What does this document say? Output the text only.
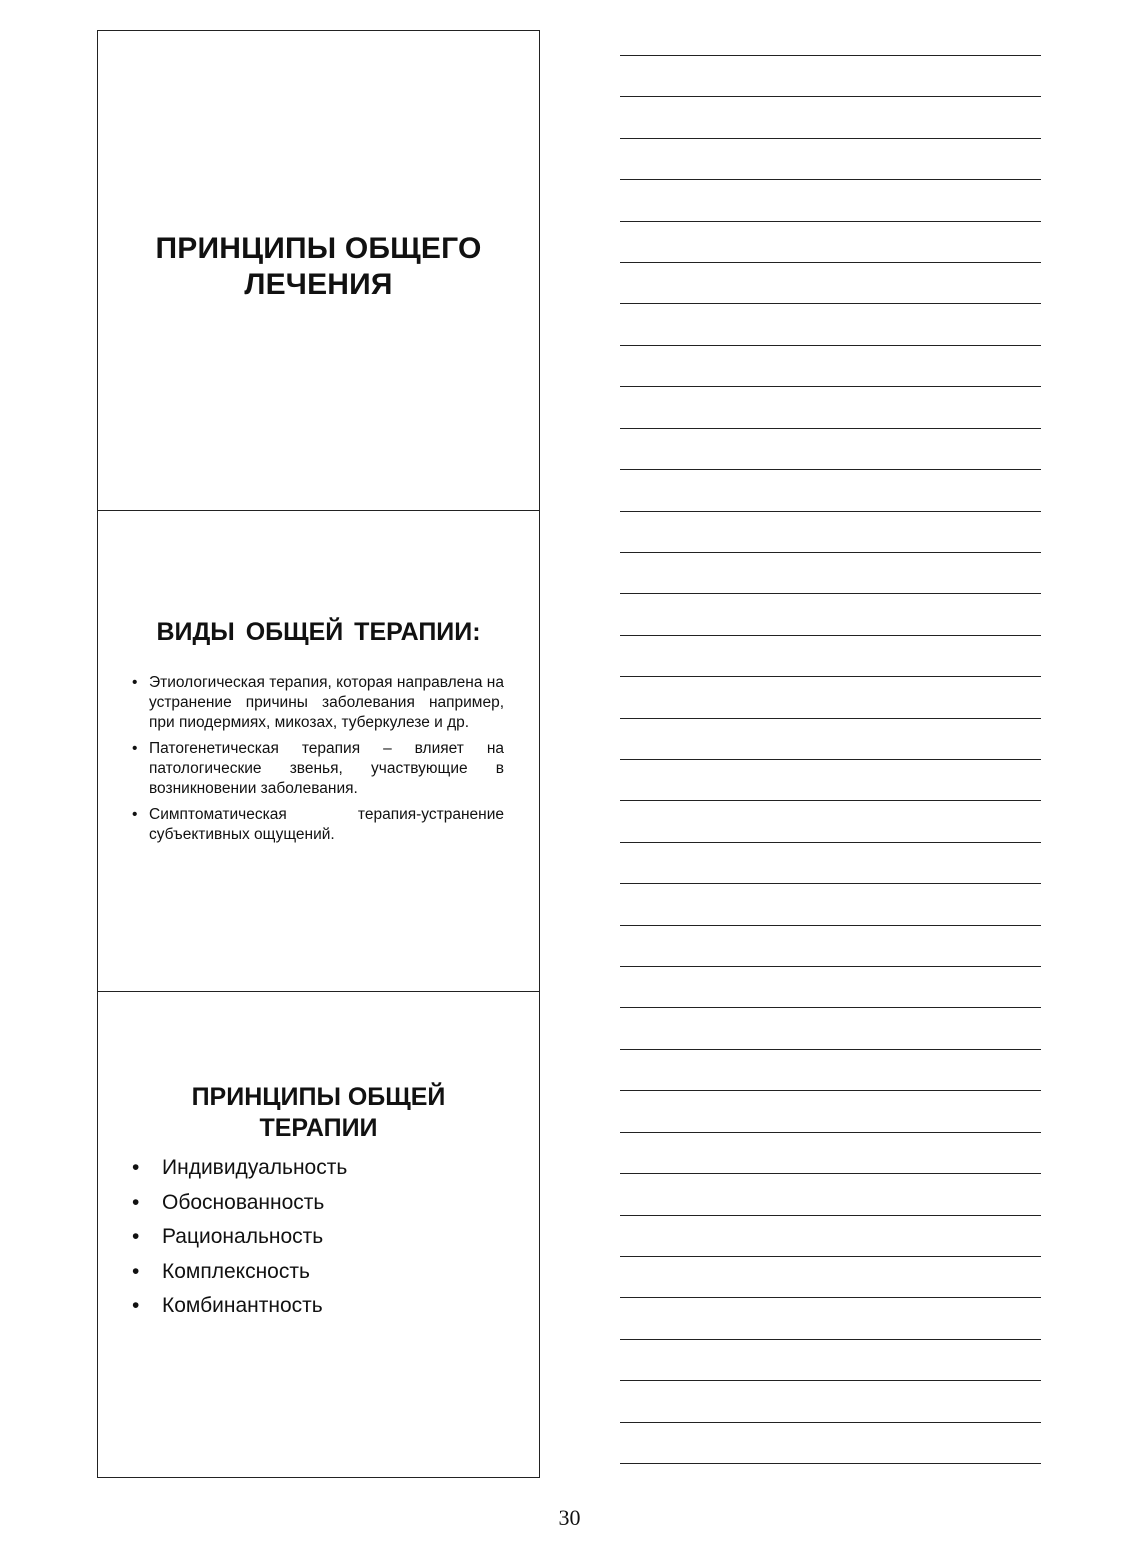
ПРИНЦИПЫ ОБЩЕГО
ЛЕЧЕНИЯ
ВИДЫ ОБЩЕЙ ТЕРАПИИ:
• Этиологическая терапия, которая направлена на устранение причины заболевания например, при пиодермиях, микозах, туберкулезе и др.
• Патогенетическая терапия – влияет на патологические звенья, участвующие в возникновении заболевания.
• Симптоматическая терапия-устранение субъективных ощущений.
ПРИНЦИПЫ ОБЩЕЙ
ТЕРАПИИ
• Индивидуальность
• Обоснованность
• Рациональность
• Комплексность
• Комбинантность

30
